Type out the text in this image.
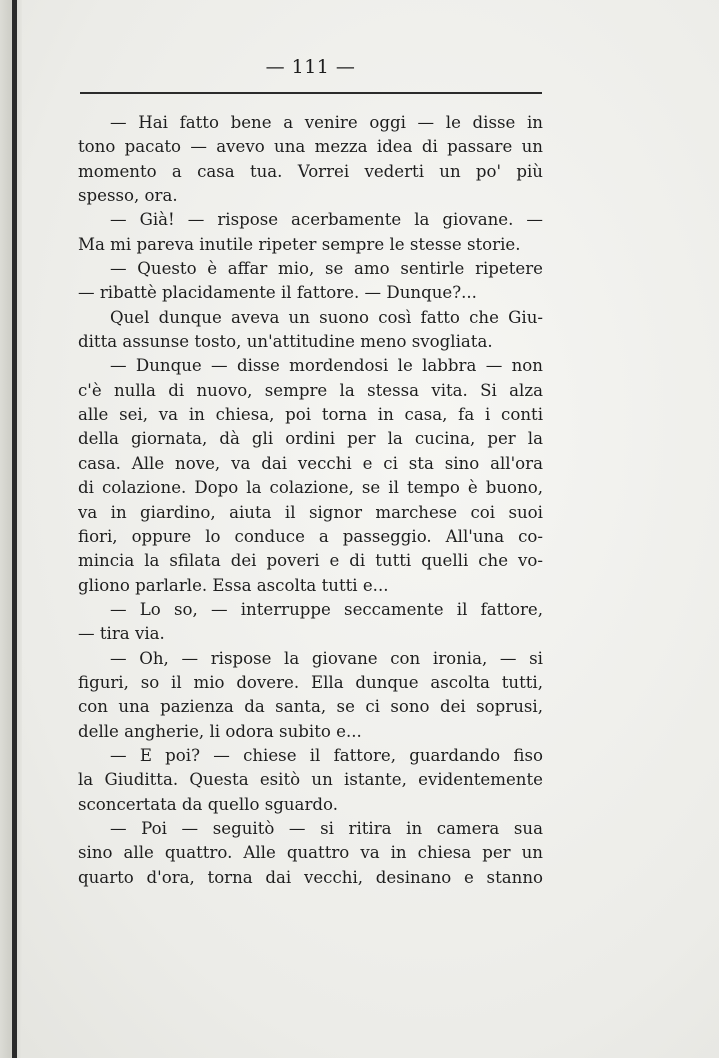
— 111 —
— Hai fatto bene a venire oggi — le disse in
tono pacato — avevo una mezza idea di passare un
momento a casa tua. Vorrei vederti un po' più
spesso, ora.
— Già! — rispose acerbamente la giovane. —
Ma mi pareva inutile ripeter sempre le stesse storie.
— Questo è affar mio, se amo sentirle ripetere
— ribattè placidamente il fattore. — Dunque?...
Quel dunque aveva un suono così fatto che Giu-
ditta assunse tosto, un'attitudine meno svogliata.
— Dunque — disse mordendosi le labbra — non
c'è nulla di nuovo, sempre la stessa vita. Si alza
alle sei, va in chiesa, poi torna in casa, fa i conti
della giornata, dà gli ordini per la cucina, per la
casa. Alle nove, va dai vecchi e ci sta sino all'ora
di colazione. Dopo la colazione, se il tempo è buono,
va in giardino, aiuta il signor marchese coi suoi
fiori, oppure lo conduce a passeggio. All'una co-
mincia la sfilata dei poveri e di tutti quelli che vo-
gliono parlarle. Essa ascolta tutti e...
— Lo so, — interruppe seccamente il fattore,
— tira via.
— Oh, — rispose la giovane con ironia, — si
figuri, so il mio dovere. Ella dunque ascolta tutti,
con una pazienza da santa, se ci sono dei soprusi,
delle angherie, li odora subito e...
— E poi? — chiese il fattore, guardando fiso
la Giuditta. Questa esitò un istante, evidentemente
sconcertata da quello sguardo.
— Poi — seguitò — si ritira in camera sua
sino alle quattro. Alle quattro va in chiesa per un
quarto d'ora, torna dai vecchi, desinano e stanno
